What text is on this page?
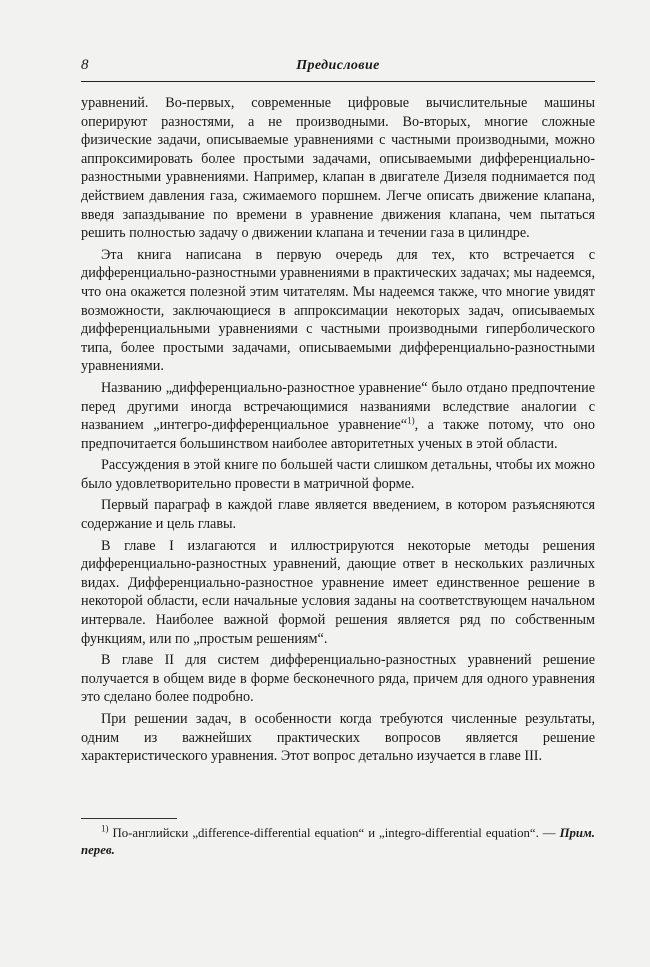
8	Предисловие

уравнений. Во-первых, современные цифровые вычислительные машины оперируют разностями, а не производными. Во-вторых, многие сложные физические задачи, описываемые уравнениями с частными производными, можно аппроксимировать более простыми задачами, описываемыми дифференциально-разностными уравнениями. Например, клапан в двигателе Дизеля поднимается под действием давления газа, сжимаемого поршнем. Легче описать движение клапана, введя запаздывание по времени в уравнение движения клапана, чем пытаться решить полностью задачу о движении клапана и течении газа в цилиндре.

Эта книга написана в первую очередь для тех, кто встречается с дифференциально-разностными уравнениями в практических задачах; мы надеемся, что она окажется полезной этим читателям. Мы надеемся также, что многие увидят возможности, заключающиеся в аппроксимации некоторых задач, описываемых дифференциальными уравнениями с частными производными гиперболического типа, более простыми задачами, описываемыми дифференциально-разностными уравнениями.

Названию „дифференциально-разностное уравнение“ было отдано предпочтение перед другими иногда встречающимися названиями вследствие аналогии с названием „интегро-дифференциальное уравнение“$^{1)}$, а также потому, что оно предпочитается большинством наиболее авторитетных ученых в этой области.

Рассуждения в этой книге по большей части слишком детальны, чтобы их можно было удовлетворительно провести в матричной форме.

Первый параграф в каждой главе является введением, в котором разъясняются содержание и цель главы.

В главе I излагаются и иллюстрируются некоторые методы решения дифференциально-разностных уравнений, дающие ответ в нескольких различных видах. Дифференциально-разностное уравнение имеет единственное решение в некоторой области, если начальные условия заданы на соответствующем начальном интервале. Наиболее важной формой решения является ряд по собственным функциям, или по „простым решениям“.

В главе II для систем дифференциально-разностных уравнений решение получается в общем виде в форме бесконечного ряда, причем для одного уравнения это сделано более подробно.

При решении задач, в особенности когда требуются численные результаты, одним из важнейших практических вопросов является решение характеристического уравнения. Этот вопрос детально изучается в главе III.

$^{1)}$ По-английски „difference-differential equation“ и „integro-differential equation“. — Прим. перев.
